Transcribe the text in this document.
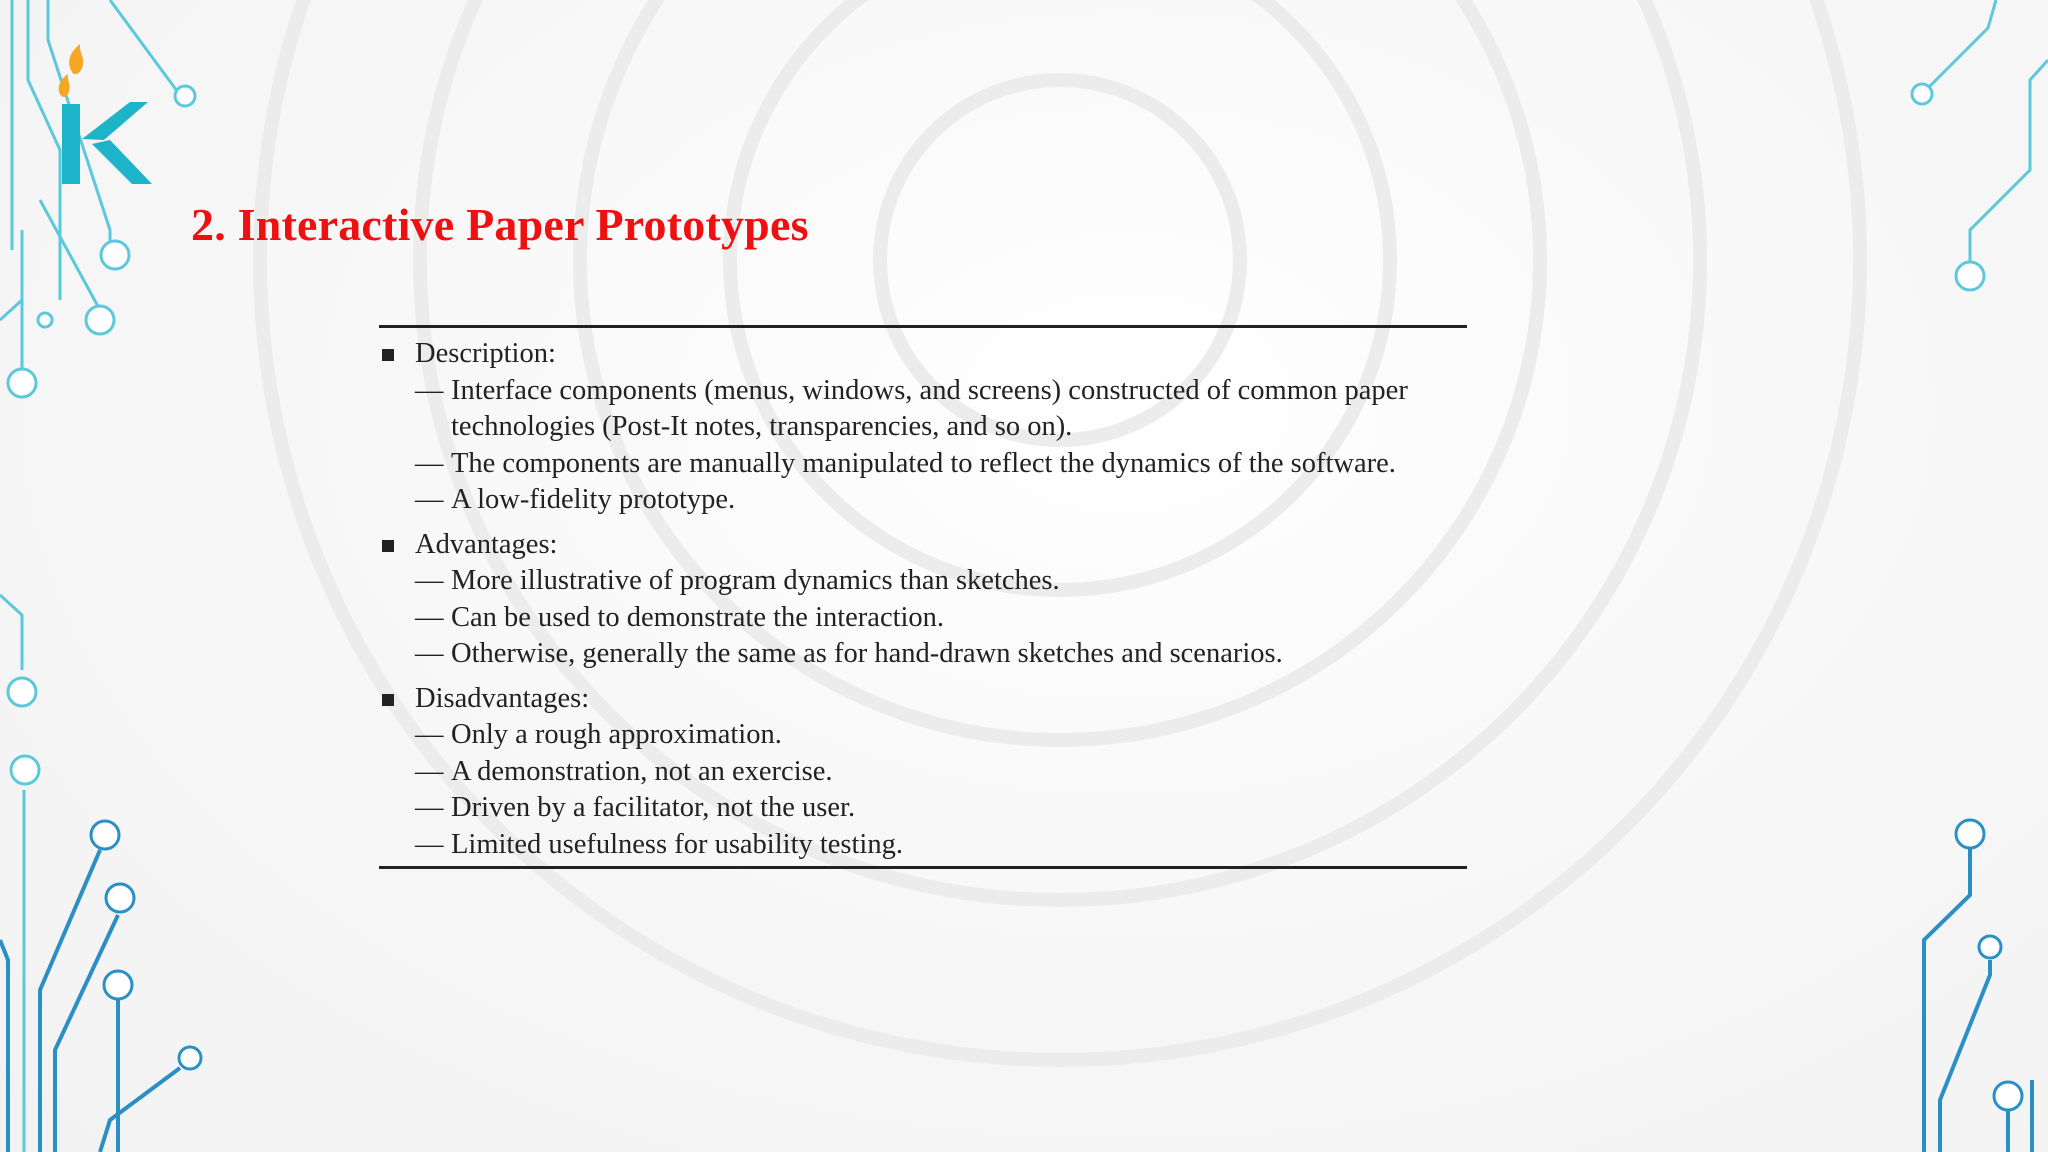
2. Interactive Paper Prototypes
Description:
— Interface components (menus, windows, and screens) constructed of common paper technologies (Post-It notes, transparencies, and so on).
— The components are manually manipulated to reflect the dynamics of the software.
— A low-fidelity prototype.
Advantages:
— More illustrative of program dynamics than sketches.
— Can be used to demonstrate the interaction.
— Otherwise, generally the same as for hand-drawn sketches and scenarios.
Disadvantages:
— Only a rough approximation.
— A demonstration, not an exercise.
— Driven by a facilitator, not the user.
— Limited usefulness for usability testing.
